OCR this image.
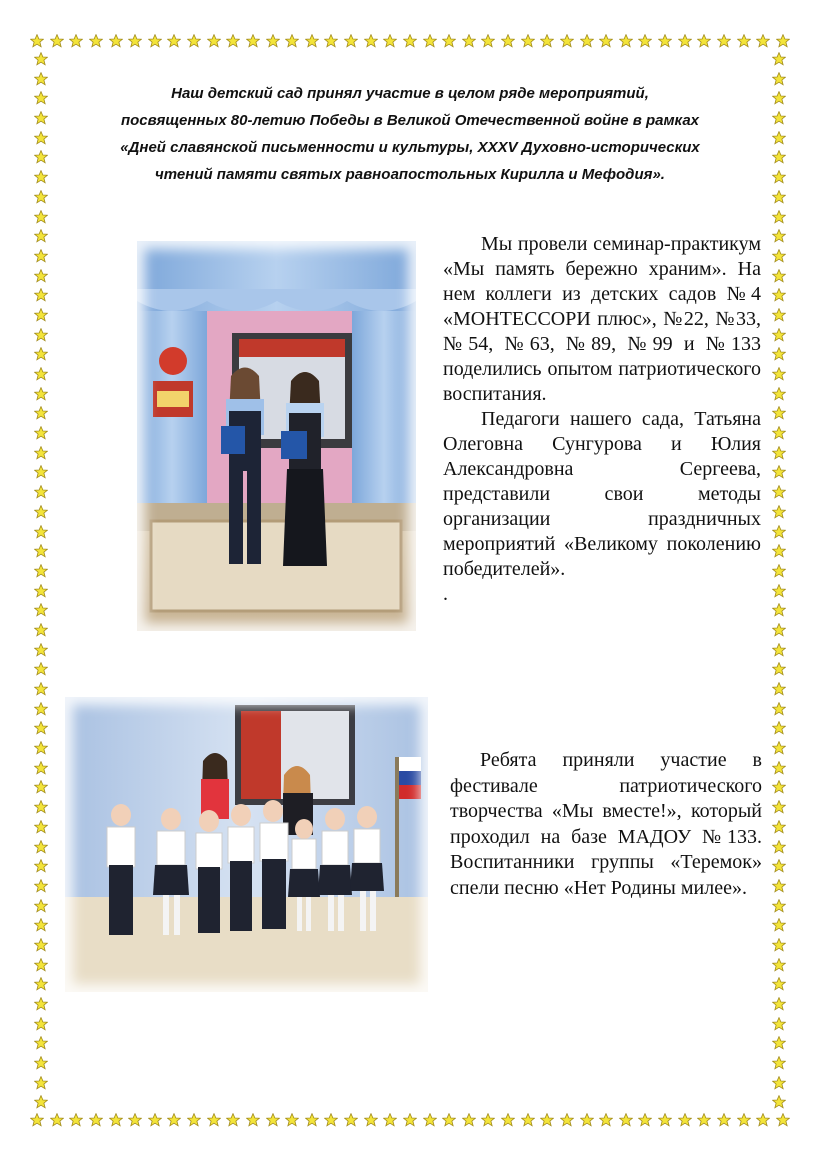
Наш детский сад принял участие в целом ряде мероприятий, посвященных 80-летию Победы в Великой Отечественной войне в рамках «Дней славянской письменности и культуры, XXXV Духовно-исторических чтений памяти святых равноапостольных Кирилла и Мефодия».

Мы провели семинар-практикум «Мы память бережно храним». На нем коллеги из детских садов №4 «МОНТЕССОРИ плюс», №22, №33, №54, №63, №89, №99 и №133 поделились опытом патриотического воспитания.

Педагоги нашего сада, Татьяна Олеговна Сунгурова и Юлия Александровна Сергеева, представили свои методы организации праздничных мероприятий «Великому поколению победителей».

.

Ребята приняли участие в фестивале патриотического творчества «Мы вместе!», который проходил на базе МАДОУ №133. Воспитанники группы «Теремок» спели песню «Нет Родины милее».
